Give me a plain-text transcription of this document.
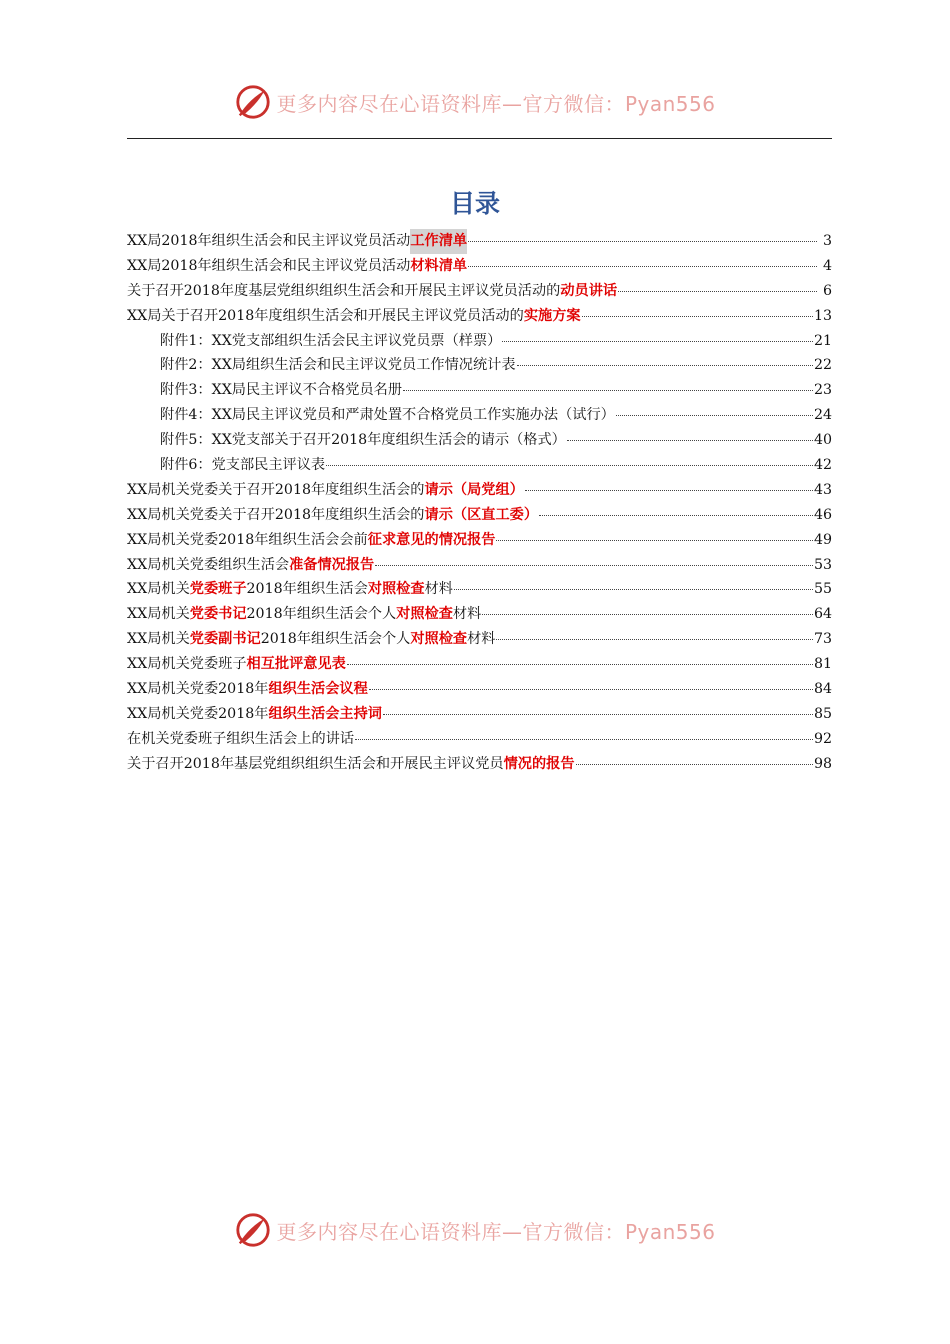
更多内容尽在心语资料库—官方微信：Pyan556
目录
XX局2018年组织生活会和民主评议党员活动 工作清单	3
XX局2018年组织生活会和民主评议党员活动 材料清单	4
关于召开2018年度基层党组织组织生活会和开展民主评议党员活动的 动员讲话	6
XX局关于召开2018年度组织生活会和开展民主评议党员活动的 实施方案	13
附件1：XX党支部组织生活会民主评议党员票（样票）	21
附件2：XX局组织生活会和民主评议党员工作情况统计表	22
附件3：XX局民主评议不合格党员名册	23
附件4：XX局民主评议党员和严肃处置不合格党员工作实施办法（试行）	24
附件5：XX党支部关于召开2018年度组织生活会的请示（格式）	40
附件6：党支部民主评议表	42
XX局机关党委关于召开2018年度组织生活会的 请示（局党组）	43
XX局机关党委关于召开2018年度组织生活会的 请示（区直工委）	46
XX局机关党委2018年组织生活会会前 征求意见的情况报告	49
XX局机关党委组织生活会 准备情况报告	53
XX局机关 党委班子 2018年组织生活会 对照检查 材料	55
XX局机关 党委书记 2018年组织生活会个人 对照检查 材料	64
XX局机关 党委副书记 2018年组织生活会个人 对照检查 材料	73
XX局机关党委班子 相互批评意见表	81
XX局机关党委2018年 组织生活会议程	84
XX局机关党委2018年 组织生活会主持词	85
在机关党委班子组织生活会上的讲话	92
关于召开2018年基层党组织组织生活会和开展民主评议党员 情况的报告	98
更多内容尽在心语资料库—官方微信：Pyan556
